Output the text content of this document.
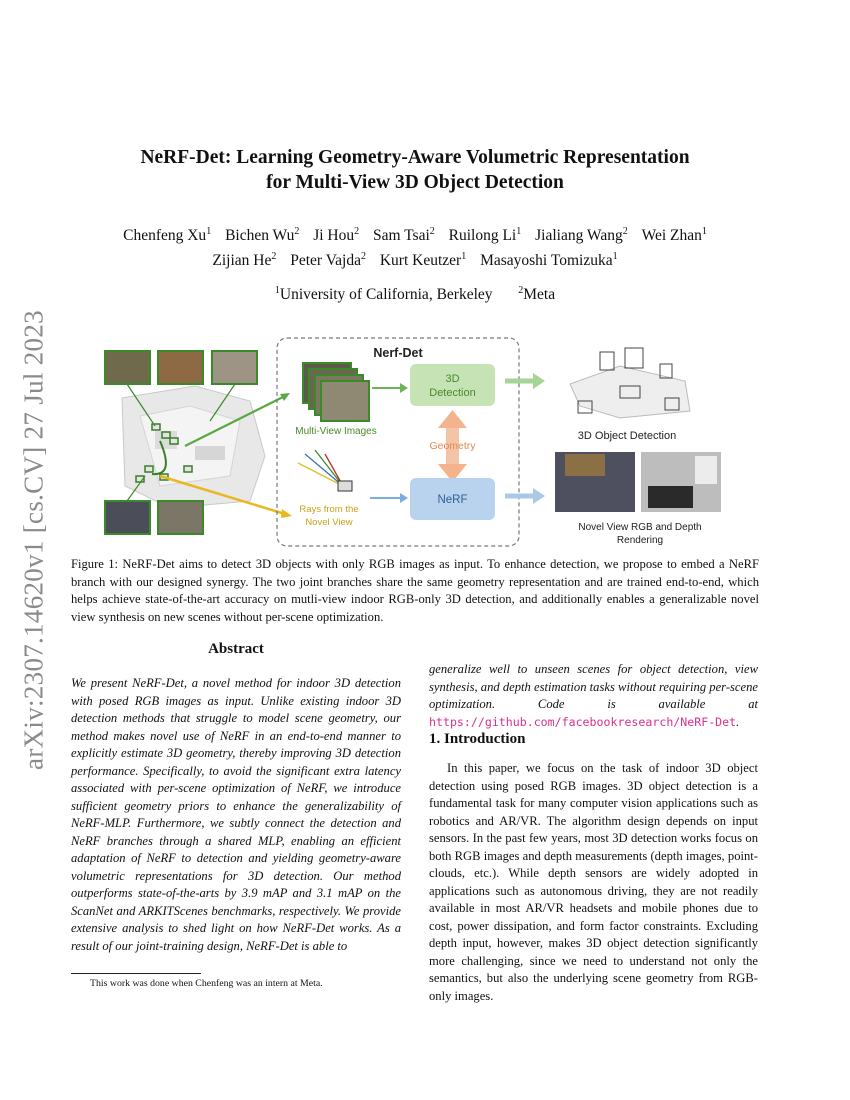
arXiv:2307.14620v1 [cs.CV] 27 Jul 2023
NeRF-Det: Learning Geometry-Aware Volumetric Representation
for Multi-View 3D Object Detection
Chenfeng Xu$^1$ Bichen Wu$^2$ Ji Hou$^2$ Sam Tsai$^2$ Ruilong Li$^1$ Jialiang Wang$^2$ Wei Zhan$^1$
Zijian He$^2$ Peter Vajda$^2$ Kurt Keutzer$^1$ Masayoshi Tomizuka$^1$
$^1$University of California, Berkeley	$^2$Meta
Nerf-Det
Multi-View Images
3D
Detection
Geometry
Rays from the
Novel View
NeRF
3D Object Detection
Novel View RGB and Depth
Rendering
Figure 1: NeRF-Det aims to detect 3D objects with only RGB images as input. To enhance detection, we propose to embed a NeRF branch with our designed synergy. The two joint branches share the same geometry representation and are trained end-to-end, which helps achieve state-of-the-art accuracy on mutli-view indoor RGB-only 3D detection, and additionally enables a generalizable novel view synthesis on new scenes without per-scene optimization.
Abstract
We present NeRF-Det, a novel method for indoor 3D detection with posed RGB images as input. Unlike existing indoor 3D detection methods that struggle to model scene geometry, our method makes novel use of NeRF in an end-to-end manner to explicitly estimate 3D geometry, thereby improving 3D detection performance. Specifically, to avoid the significant extra latency associated with per-scene optimization of NeRF, we introduce sufficient geometry priors to enhance the generalizability of NeRF-MLP. Furthermore, we subtly connect the detection and NeRF branches through a shared MLP, enabling an efficient adaptation of NeRF to detection and yielding geometry-aware volumetric representations for 3D detection. Our method outperforms state-of-the-arts by 3.9 mAP and 3.1 mAP on the ScanNet and ARKITScenes benchmarks, respectively. We provide extensive analysis to shed light on how NeRF-Det works. As a result of our joint-training design, NeRF-Det is able to
This work was done when Chenfeng was an intern at Meta.
generalize well to unseen scenes for object detection, view synthesis, and depth estimation tasks without requiring per-scene optimization. Code is available at https://github.com/facebookresearch/NeRF-Det.
1. Introduction
In this paper, we focus on the task of indoor 3D object detection using posed RGB images. 3D object detection is a fundamental task for many computer vision applications such as robotics and AR/VR. The algorithm design depends on input sensors. In the past few years, most 3D detection works focus on both RGB images and depth measurements (depth images, point-clouds, etc.). While depth sensors are widely adopted in applications such as autonomous driving, they are not readily available in most AR/VR headsets and mobile phones due to cost, power dissipation, and form factor constraints. Excluding depth input, however, makes 3D object detection significantly more challenging, since we need to understand not only the semantics, but also the underlying scene geometry from RGB-only images.
